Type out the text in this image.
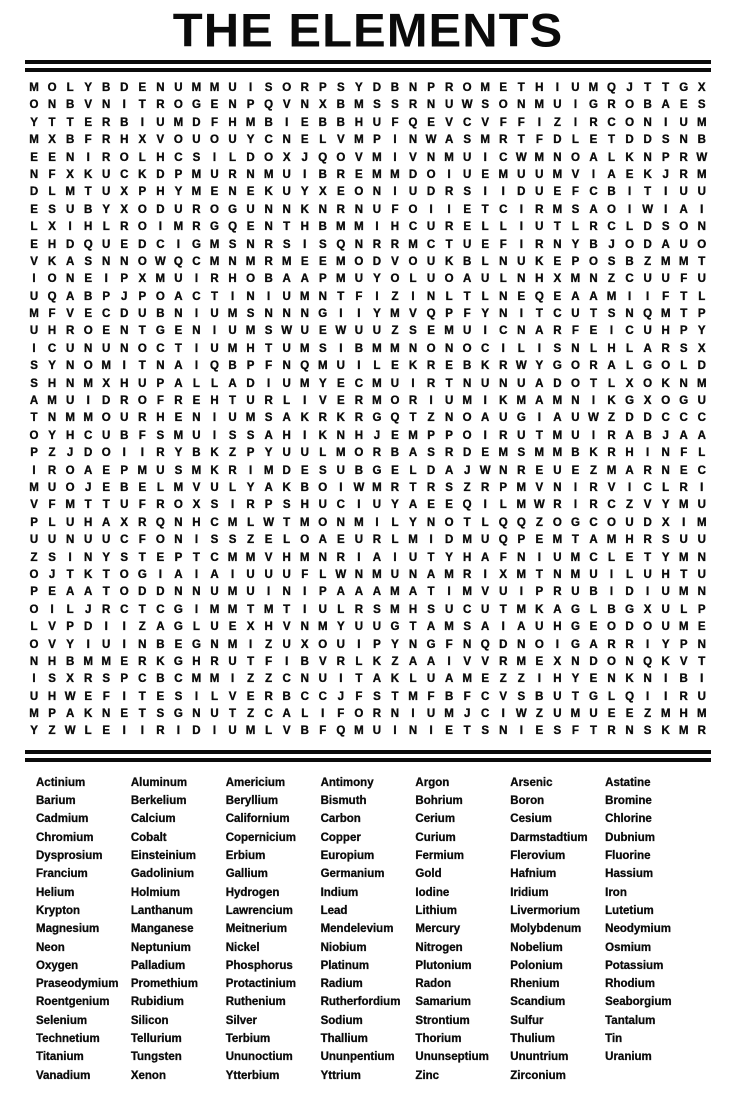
THE ELEMENTS
M O L Y B D E N U M M U	I	S O R P S Y D B N P R O M E T H	I	U M Q J T T G X
O N B V N	I	T R O G E N P Q V N X B M S S R N U W S O N M U	I	G R O B A E S
Y T T E R B	I	U M D F H M B	I	E B B H U F Q E V C V F F	I	Z	I	R C O N	I	U M
M X B F R H X V O U O U Y C N E L V M P	I	N W A S M R T F D L E T D D S N B
E E N	I	R O L H C S	I	L D O X J Q O V M	I	V N M U	I	C W M N O A L K N P R W
N F X K U C K D P M U R N M U	I	B R E M M D O	I	U E M U U M V	I	A E K J R M
D L M T U X P H Y M E N E K U Y X E O N	I	U D R S	I	I	D U E F C B	I	T	I	U U
E S U B Y X O D U R O G U N N K N R N U F O	I	I	E T C	I	R M S A O	I W I	A	I
L X	I	H L R O	I	M R G Q E N T H B M M	I	H C U R E L L	I	U T L R C L D S O N
E H D Q U E D C	I	G M S N R S	I	S Q N R R M C T U E F	I	R N Y B J O D A U O
V K A S N N O W Q C M N M R M E E M O D V O U K B L N U K E P O S B Z M M T
I	O N E	I	P X M U	I	R H O B A A P M U Y O L U O A U L N H X M N Z C U U F U
U Q A B P J P O A C T	I	N	I	U M N T F	I	Z	I	N L T L N E Q E A A M	I	I	F T L
M F V E C D U B N	I	U M S N N N G	I	I	Y M V Q P F Y N	I	T C U T S N Q M T P
U H R O E N T G E N	I	U M S W U E W U U Z S E M U	I	C N A R F E	I	C U H P Y
I	C U N U N O C T	I	U M H T U M S	I	B M M N O N O C	I	L	I	S N L H L A R S X
S Y N O M	I	T N A	I	Q B P F N Q M U	I	L E K R E B K R W Y G O R A L G O L D
S H N M X H U P A L L A D	I	U M Y E C M U	I	R T N U N U A D O T L X O K N M
A M U	I	D R O F R E H T U R L	I	V E R M O R	I	U M	I	K M A M N	I	K G X O G U
T N M M O U R H E N	I	U M S A K R K R G Q T Z N O A U G	I	A U W Z D D C C C
O Y H C U B F S M U	I	S S A H	I	K N H J E M P P O	I	R U T M U	I	R A B J A A
P Z J D O	I	I	R Y B K Z P Y U U L M O R B A S R D E M S M M B K R H	I	N F L
I	R O A E P M U S M K R	I	M D E S U B G E L D A J W N R E U E Z M A R N E C
M U O J E B E L M V U L Y A K B O	I W M R T R S Z R P M V N	I	R V	I	C L R	I
V F M T T U F R O X S	I	R P S H U C	I	U Y A E E Q	I	L M W R	I	R C Z V Y M U
P L U H A X R Q N H C M L W T M O N M	I	L Y N O T L Q Q Z O G C O U D X	I	M
U U N U U C F O N	I	S S Z E L O A E U R L M	I	D M U Q P E M T A M H R S U U
Z S	I	N Y S T E P T C M M V H M N R	I	A	I	U T Y H A F N	I	U M C L E T Y M N
O J T K T O G	I	A	I	A	I	U U U F L W N M U N A M R	I	X M T N M U	I	L U H T U
P E A A T O D D N N U M U	I	N	I	P A A A M A T	I	M V U	I	P R U B	I	D	I	U M N
O	I	L J R C T C G	I	M M T M T	I	U L R S M H S U C U T M K A G L B G X U L P
L V P D	I	I	Z A G L U E X H V N M Y U U G T A M S A	I	A U H G E O D O U M E
O V Y	I	U	I	N B E G N M	I	Z U X O U	I	P Y N G F N Q D N O	I	G A R R	I	Y P N
N H B M M E R K G H R U T F	I	B V R L K Z A A	I	V V R M E X N D O N Q K V T
I	S X R S P C B C M M	I	Z Z C N U	I	T A K L U A M E Z Z	I	H Y E N K N	I	B	I
U H W E F	I	T E S	I	L V E R B C C J F S T M F B F C V S B U T G L Q	I	I	R U
M P A K N E T S G N U T Z C A L	I	F O R N	I	U M J C	I W Z U M U E E Z M H M
Y Z W L E	I	I	R	I	D	I	U M L V B F Q M U	I	N	I	E T S N	I	E S F T R N S K M R
Actinium	Aluminum	Americium	Antimony	Argon	Arsenic	Astatine
Barium	Berkelium	Beryllium	Bismuth	Bohrium	Boron	Bromine
Cadmium	Calcium	Californium	Carbon	Cerium	Cesium	Chlorine
Chromium	Cobalt	Copernicium	Copper	Curium	Darmstadtium	Dubnium
Dysprosium	Einsteinium	Erbium	Europium	Fermium	Flerovium	Fluorine
Francium	Gadolinium	Gallium	Germanium	Gold	Hafnium	Hassium
Helium	Holmium	Hydrogen	Indium	Iodine	Iridium	Iron
Krypton	Lanthanum	Lawrencium	Lead	Lithium	Livermorium	Lutetium
Magnesium	Manganese	Meitnerium	Mendelevium	Mercury	Molybdenum	Neodymium
Neon	Neptunium	Nickel	Niobium	Nitrogen	Nobelium	Osmium
Oxygen	Palladium	Phosphorus	Platinum	Plutonium	Polonium	Potassium
Praseodymium	Promethium	Protactinium	Radium	Radon	Rhenium	Rhodium
Roentgenium	Rubidium	Ruthenium	Rutherfordium	Samarium	Scandium	Seaborgium
Selenium	Silicon	Silver	Sodium	Strontium	Sulfur	Tantalum
Technetium	Tellurium	Terbium	Thallium	Thorium	Thulium	Tin
Titanium	Tungsten	Ununoctium	Ununpentium	Ununseptium	Ununtrium	Uranium
Vanadium	Xenon	Ytterbium	Yttrium	Zinc	Zirconium
